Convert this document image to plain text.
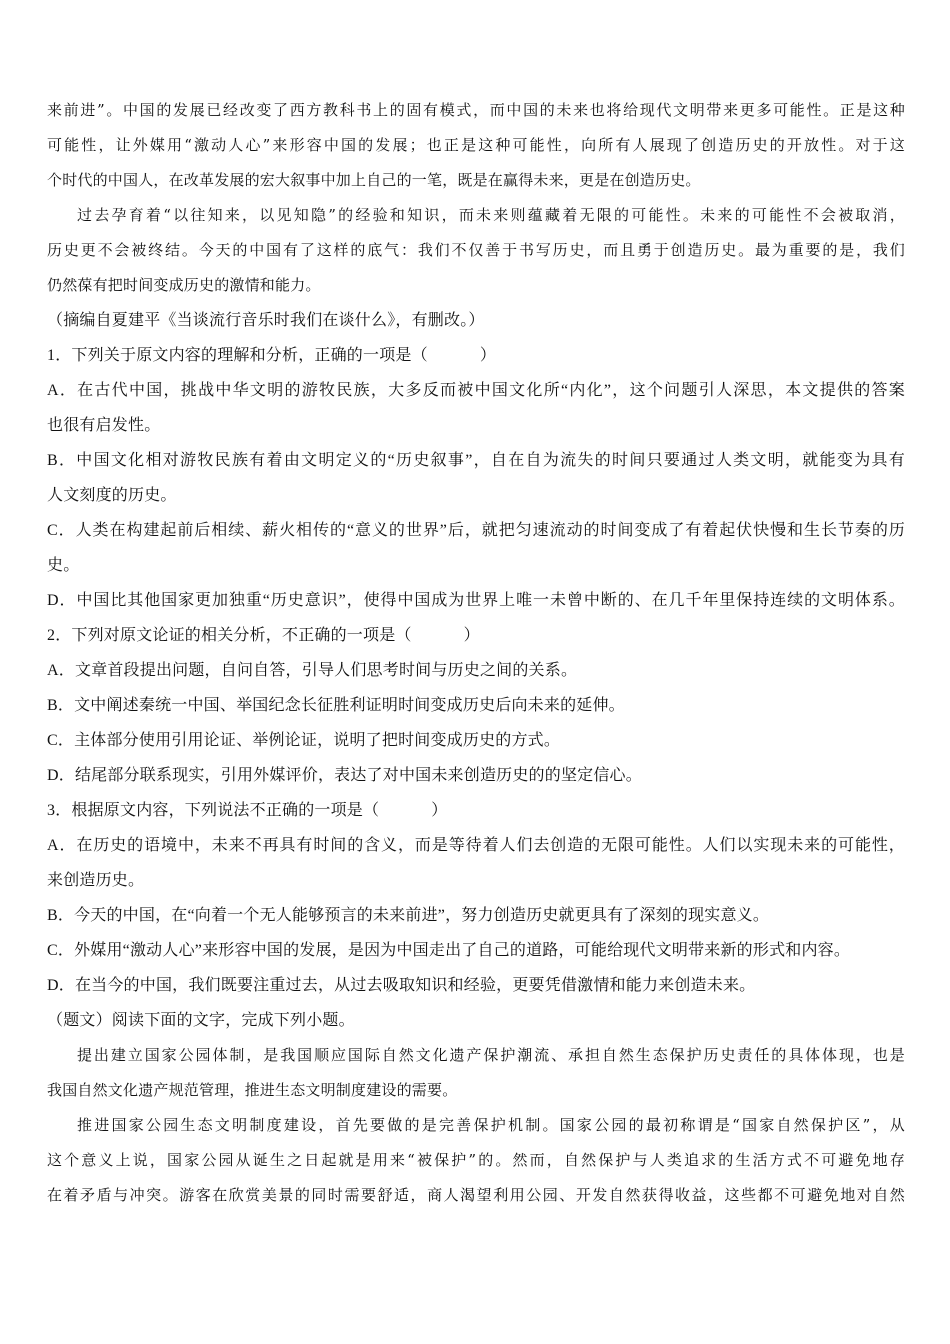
来前进”。中国的发展已经改变了西方教科书上的固有模式，而中国的未来也将给现代文明带来更多可能性。正是这种
可能性，让外媒用“激动人心”来形容中国的发展；也正是这种可能性，向所有人展现了创造历史的开放性。对于这
个时代的中国人，在改革发展的宏大叙事中加上自己的一笔，既是在赢得未来，更是在创造历史。
过去孕育着“以往知来，以见知隐”的经验和知识，而未来则蕴藏着无限的可能性。未来的可能性不会被取消，
历史更不会被终结。今天的中国有了这样的底气：我们不仅善于书写历史，而且勇于创造历史。最为重要的是，我们
仍然葆有把时间变成历史的激情和能力。
（摘编自夏建平《当谈流行音乐时我们在谈什么》，有删改。）
1．下列关于原文内容的理解和分析，正确的一项是（	）
A．在古代中国，挑战中华文明的游牧民族，大多反而被中国文化所“内化”，这个问题引人深思，本文提供的答案
也很有启发性。
B．中国文化相对游牧民族有着由文明定义的“历史叙事”，自在自为流失的时间只要通过人类文明，就能变为具有
人文刻度的历史。
C．人类在构建起前后相续、薪火相传的“意义的世界”后，就把匀速流动的时间变成了有着起伏快慢和生长节奏的历
史。
D．中国比其他国家更加独重“历史意识”，使得中国成为世界上唯一未曾中断的、在几千年里保持连续的文明体系。
2．下列对原文论证的相关分析，不正确的一项是（	）
A．文章首段提出问题，自问自答，引导人们思考时间与历史之间的关系。
B．文中阐述秦统一中国、举国纪念长征胜利证明时间变成历史后向未来的延伸。
C．主体部分使用引用论证、举例论证，说明了把时间变成历史的方式。
D．结尾部分联系现实，引用外媒评价，表达了对中国未来创造历史的的坚定信心。
3．根据原文内容，下列说法不正确的一项是（	）
A．在历史的语境中，未来不再具有时间的含义，而是等待着人们去创造的无限可能性。人们以实现未来的可能性，
来创造历史。
B．今天的中国，在“向着一个无人能够预言的未来前进”，努力创造历史就更具有了深刻的现实意义。
C．外媒用“激动人心”来形容中国的发展，是因为中国走出了自己的道路，可能给现代文明带来新的形式和内容。
D．在当今的中国，我们既要注重过去，从过去吸取知识和经验，更要凭借激情和能力来创造未来。
（题文）阅读下面的文字，完成下列小题。
提出建立国家公园体制，是我国顺应国际自然文化遗产保护潮流、承担自然生态保护历史责任的具体体现，也是
我国自然文化遗产规范管理，推进生态文明制度建设的需要。
推进国家公园生态文明制度建设，首先要做的是完善保护机制。国家公园的最初称谓是“国家自然保护区”，从
这个意义上说，国家公园从诞生之日起就是用来“被保护”的。然而，自然保护与人类追求的生活方式不可避免地存
在着矛盾与冲突。游客在欣赏美景的同时需要舒适，商人渴望利用公园、开发自然获得收益，这些都不可避免地对自然
